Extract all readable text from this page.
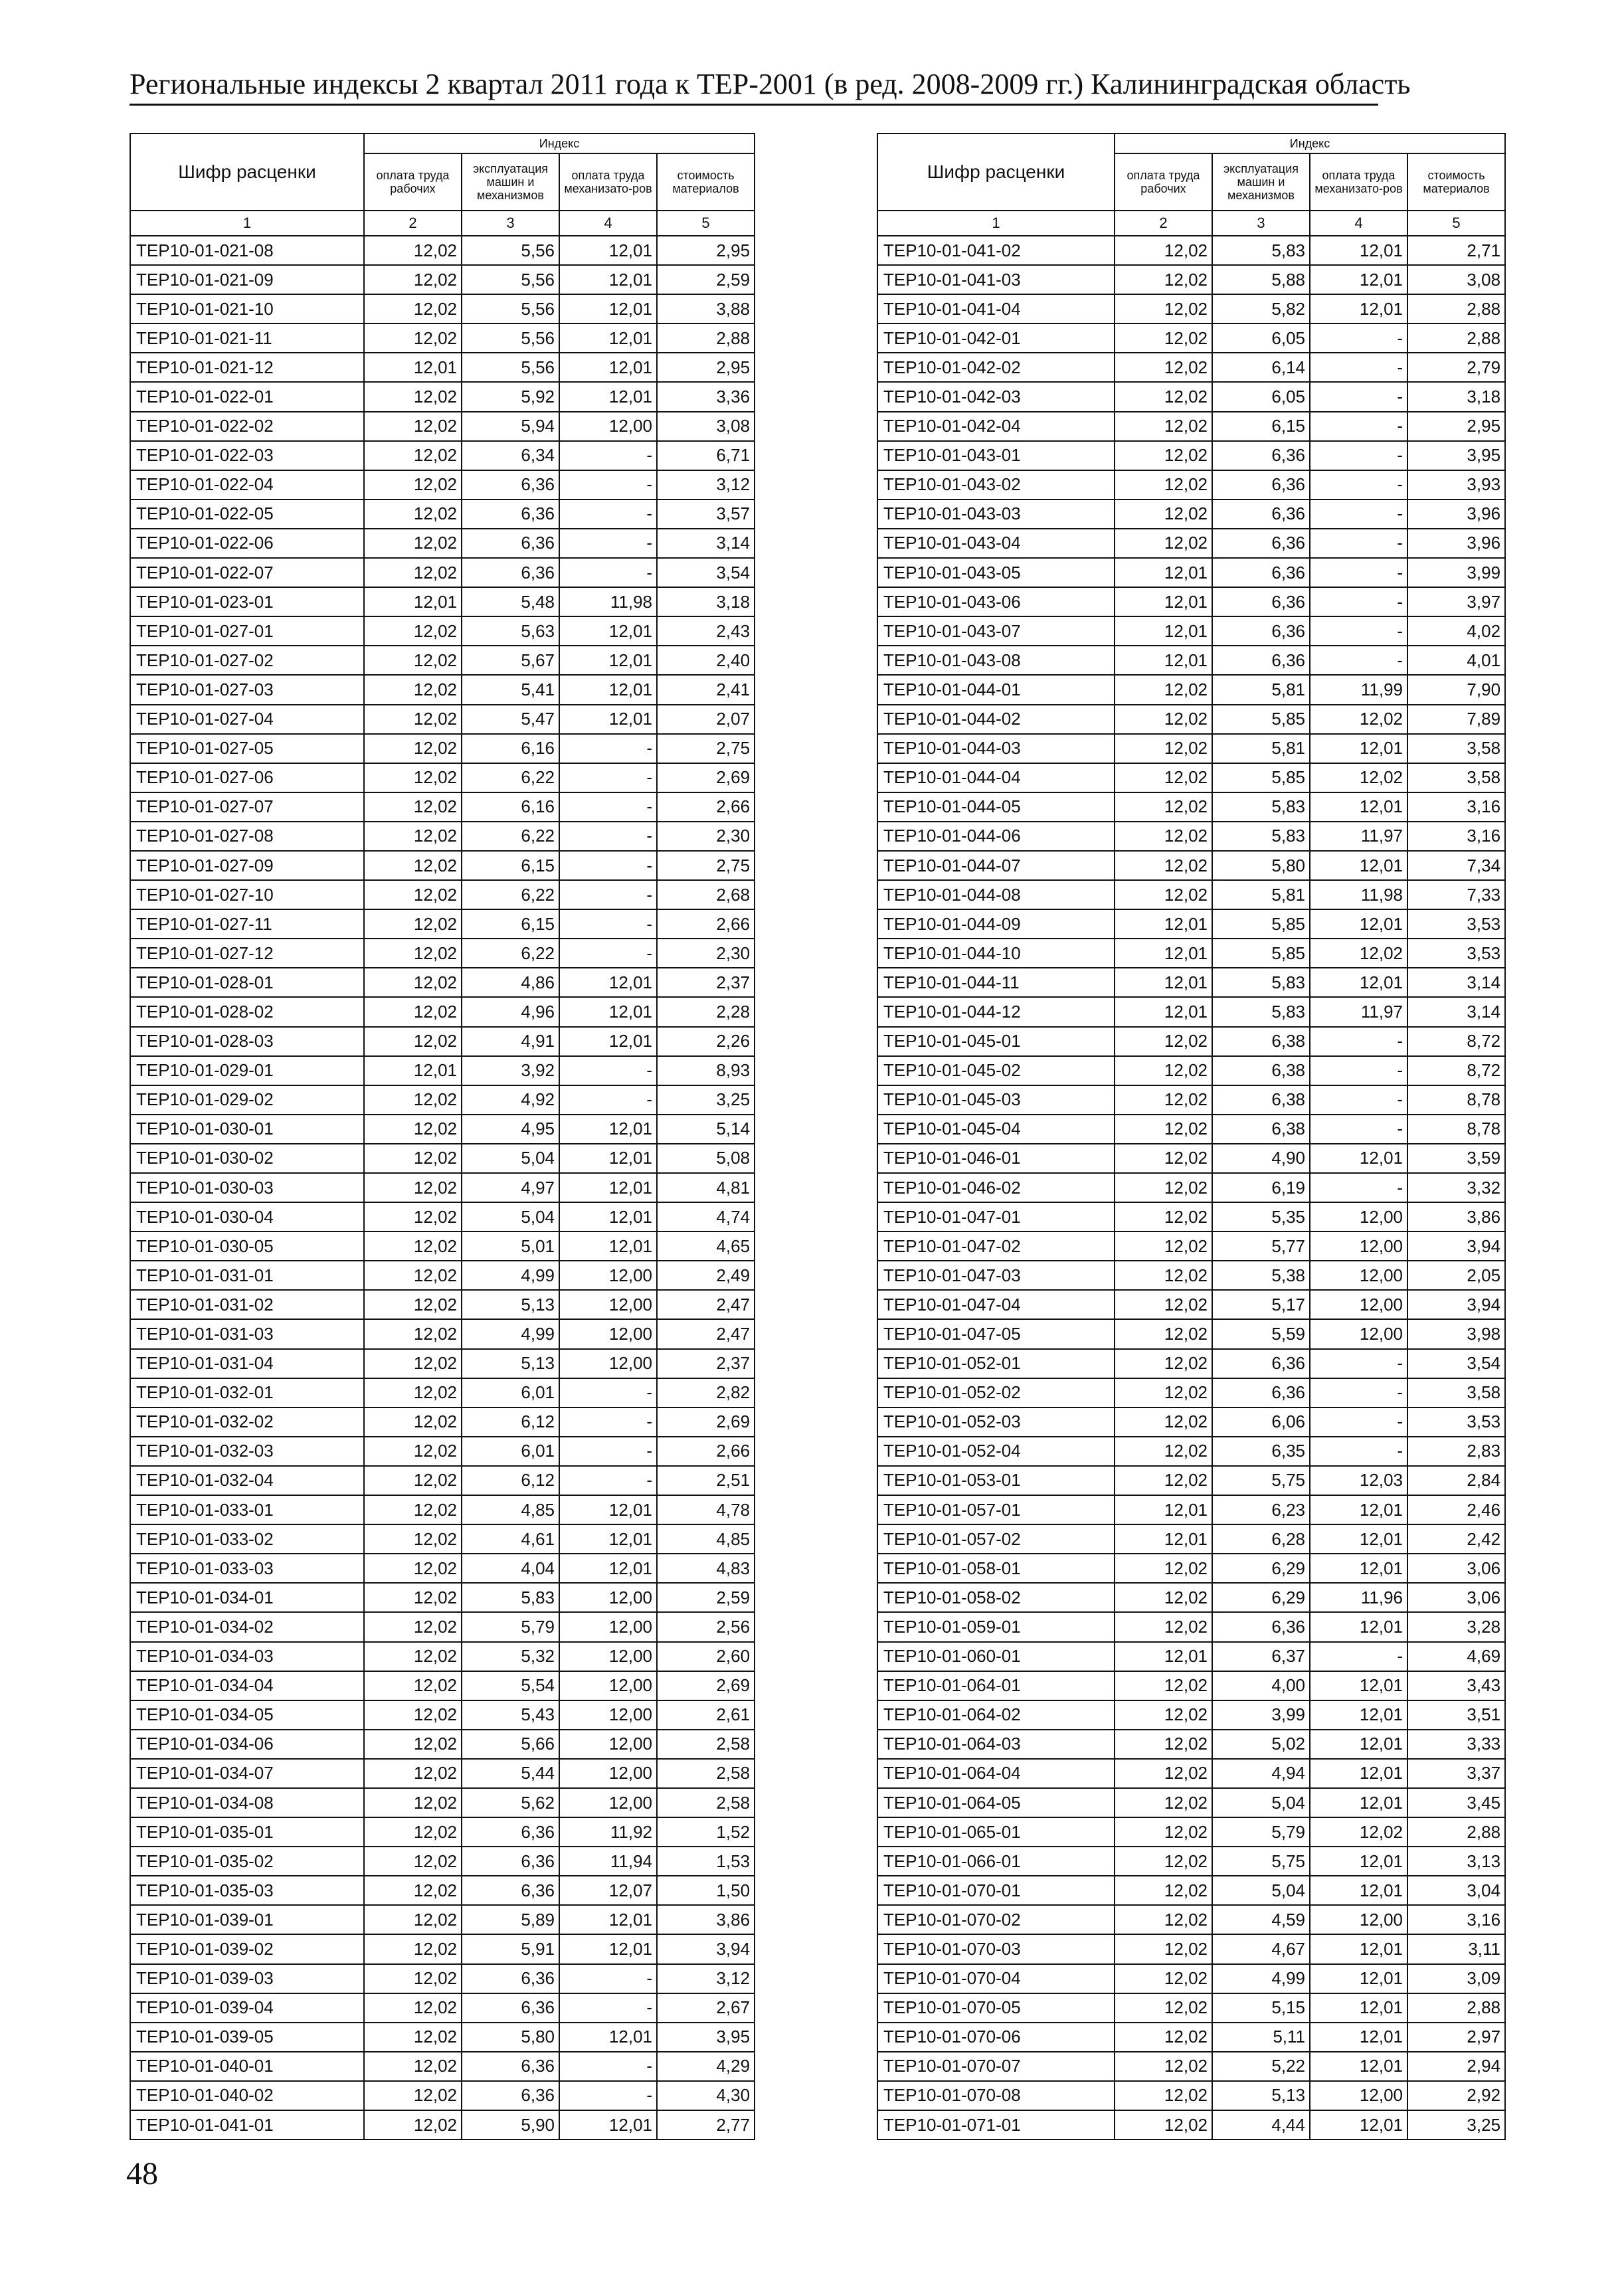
Региональные индексы 2 квартал 2011 года к ТЕР-2001 (в ред. 2008-2009 гг.) Калининградская область
Шифр расценки	Индекс			
	оплата труда рабочих	эксплуатация машин и механизмов	оплата труда механизато-ров	стоимость материалов
1	2	3	4	5
ТЕР10-01-021-08	12,02	5,56	12,01	2,95
ТЕР10-01-021-09	12,02	5,56	12,01	2,59
ТЕР10-01-021-10	12,02	5,56	12,01	3,88
ТЕР10-01-021-11	12,02	5,56	12,01	2,88
ТЕР10-01-021-12	12,01	5,56	12,01	2,95
ТЕР10-01-022-01	12,02	5,92	12,01	3,36
ТЕР10-01-022-02	12,02	5,94	12,00	3,08
ТЕР10-01-022-03	12,02	6,34	-	6,71
ТЕР10-01-022-04	12,02	6,36	-	3,12
ТЕР10-01-022-05	12,02	6,36	-	3,57
ТЕР10-01-022-06	12,02	6,36	-	3,14
ТЕР10-01-022-07	12,02	6,36	-	3,54
ТЕР10-01-023-01	12,01	5,48	11,98	3,18
ТЕР10-01-027-01	12,02	5,63	12,01	2,43
ТЕР10-01-027-02	12,02	5,67	12,01	2,40
ТЕР10-01-027-03	12,02	5,41	12,01	2,41
ТЕР10-01-027-04	12,02	5,47	12,01	2,07
ТЕР10-01-027-05	12,02	6,16	-	2,75
ТЕР10-01-027-06	12,02	6,22	-	2,69
ТЕР10-01-027-07	12,02	6,16	-	2,66
ТЕР10-01-027-08	12,02	6,22	-	2,30
ТЕР10-01-027-09	12,02	6,15	-	2,75
ТЕР10-01-027-10	12,02	6,22	-	2,68
ТЕР10-01-027-11	12,02	6,15	-	2,66
ТЕР10-01-027-12	12,02	6,22	-	2,30
ТЕР10-01-028-01	12,02	4,86	12,01	2,37
ТЕР10-01-028-02	12,02	4,96	12,01	2,28
ТЕР10-01-028-03	12,02	4,91	12,01	2,26
ТЕР10-01-029-01	12,01	3,92	-	8,93
ТЕР10-01-029-02	12,02	4,92	-	3,25
ТЕР10-01-030-01	12,02	4,95	12,01	5,14
ТЕР10-01-030-02	12,02	5,04	12,01	5,08
ТЕР10-01-030-03	12,02	4,97	12,01	4,81
ТЕР10-01-030-04	12,02	5,04	12,01	4,74
ТЕР10-01-030-05	12,02	5,01	12,01	4,65
ТЕР10-01-031-01	12,02	4,99	12,00	2,49
ТЕР10-01-031-02	12,02	5,13	12,00	2,47
ТЕР10-01-031-03	12,02	4,99	12,00	2,47
ТЕР10-01-031-04	12,02	5,13	12,00	2,37
ТЕР10-01-032-01	12,02	6,01	-	2,82
ТЕР10-01-032-02	12,02	6,12	-	2,69
ТЕР10-01-032-03	12,02	6,01	-	2,66
ТЕР10-01-032-04	12,02	6,12	-	2,51
ТЕР10-01-033-01	12,02	4,85	12,01	4,78
ТЕР10-01-033-02	12,02	4,61	12,01	4,85
ТЕР10-01-033-03	12,02	4,04	12,01	4,83
ТЕР10-01-034-01	12,02	5,83	12,00	2,59
ТЕР10-01-034-02	12,02	5,79	12,00	2,56
ТЕР10-01-034-03	12,02	5,32	12,00	2,60
ТЕР10-01-034-04	12,02	5,54	12,00	2,69
ТЕР10-01-034-05	12,02	5,43	12,00	2,61
ТЕР10-01-034-06	12,02	5,66	12,00	2,58
ТЕР10-01-034-07	12,02	5,44	12,00	2,58
ТЕР10-01-034-08	12,02	5,62	12,00	2,58
ТЕР10-01-035-01	12,02	6,36	11,92	1,52
ТЕР10-01-035-02	12,02	6,36	11,94	1,53
ТЕР10-01-035-03	12,02	6,36	12,07	1,50
ТЕР10-01-039-01	12,02	5,89	12,01	3,86
ТЕР10-01-039-02	12,02	5,91	12,01	3,94
ТЕР10-01-039-03	12,02	6,36	-	3,12
ТЕР10-01-039-04	12,02	6,36	-	2,67
ТЕР10-01-039-05	12,02	5,80	12,01	3,95
ТЕР10-01-040-01	12,02	6,36	-	4,29
ТЕР10-01-040-02	12,02	6,36	-	4,30
ТЕР10-01-041-01	12,02	5,90	12,01	2,77
Шифр расценки	Индекс			
	оплата труда рабочих	эксплуатация машин и механизмов	оплата труда механизато-ров	стоимость материалов
1	2	3	4	5
ТЕР10-01-041-02	12,02	5,83	12,01	2,71
ТЕР10-01-041-03	12,02	5,88	12,01	3,08
ТЕР10-01-041-04	12,02	5,82	12,01	2,88
ТЕР10-01-042-01	12,02	6,05	-	2,88
ТЕР10-01-042-02	12,02	6,14	-	2,79
ТЕР10-01-042-03	12,02	6,05	-	3,18
ТЕР10-01-042-04	12,02	6,15	-	2,95
ТЕР10-01-043-01	12,02	6,36	-	3,95
ТЕР10-01-043-02	12,02	6,36	-	3,93
ТЕР10-01-043-03	12,02	6,36	-	3,96
ТЕР10-01-043-04	12,02	6,36	-	3,96
ТЕР10-01-043-05	12,01	6,36	-	3,99
ТЕР10-01-043-06	12,01	6,36	-	3,97
ТЕР10-01-043-07	12,01	6,36	-	4,02
ТЕР10-01-043-08	12,01	6,36	-	4,01
ТЕР10-01-044-01	12,02	5,81	11,99	7,90
ТЕР10-01-044-02	12,02	5,85	12,02	7,89
ТЕР10-01-044-03	12,02	5,81	12,01	3,58
ТЕР10-01-044-04	12,02	5,85	12,02	3,58
ТЕР10-01-044-05	12,02	5,83	12,01	3,16
ТЕР10-01-044-06	12,02	5,83	11,97	3,16
ТЕР10-01-044-07	12,02	5,80	12,01	7,34
ТЕР10-01-044-08	12,02	5,81	11,98	7,33
ТЕР10-01-044-09	12,01	5,85	12,01	3,53
ТЕР10-01-044-10	12,01	5,85	12,02	3,53
ТЕР10-01-044-11	12,01	5,83	12,01	3,14
ТЕР10-01-044-12	12,01	5,83	11,97	3,14
ТЕР10-01-045-01	12,02	6,38	-	8,72
ТЕР10-01-045-02	12,02	6,38	-	8,72
ТЕР10-01-045-03	12,02	6,38	-	8,78
ТЕР10-01-045-04	12,02	6,38	-	8,78
ТЕР10-01-046-01	12,02	4,90	12,01	3,59
ТЕР10-01-046-02	12,02	6,19	-	3,32
ТЕР10-01-047-01	12,02	5,35	12,00	3,86
ТЕР10-01-047-02	12,02	5,77	12,00	3,94
ТЕР10-01-047-03	12,02	5,38	12,00	2,05
ТЕР10-01-047-04	12,02	5,17	12,00	3,94
ТЕР10-01-047-05	12,02	5,59	12,00	3,98
ТЕР10-01-052-01	12,02	6,36	-	3,54
ТЕР10-01-052-02	12,02	6,36	-	3,58
ТЕР10-01-052-03	12,02	6,06	-	3,53
ТЕР10-01-052-04	12,02	6,35	-	2,83
ТЕР10-01-053-01	12,02	5,75	12,03	2,84
ТЕР10-01-057-01	12,01	6,23	12,01	2,46
ТЕР10-01-057-02	12,01	6,28	12,01	2,42
ТЕР10-01-058-01	12,02	6,29	12,01	3,06
ТЕР10-01-058-02	12,02	6,29	11,96	3,06
ТЕР10-01-059-01	12,02	6,36	12,01	3,28
ТЕР10-01-060-01	12,01	6,37	-	4,69
ТЕР10-01-064-01	12,02	4,00	12,01	3,43
ТЕР10-01-064-02	12,02	3,99	12,01	3,51
ТЕР10-01-064-03	12,02	5,02	12,01	3,33
ТЕР10-01-064-04	12,02	4,94	12,01	3,37
ТЕР10-01-064-05	12,02	5,04	12,01	3,45
ТЕР10-01-065-01	12,02	5,79	12,02	2,88
ТЕР10-01-066-01	12,02	5,75	12,01	3,13
ТЕР10-01-070-01	12,02	5,04	12,01	3,04
ТЕР10-01-070-02	12,02	4,59	12,00	3,16
ТЕР10-01-070-03	12,02	4,67	12,01	3,11
ТЕР10-01-070-04	12,02	4,99	12,01	3,09
ТЕР10-01-070-05	12,02	5,15	12,01	2,88
ТЕР10-01-070-06	12,02	5,11	12,01	2,97
ТЕР10-01-070-07	12,02	5,22	12,01	2,94
ТЕР10-01-070-08	12,02	5,13	12,00	2,92
ТЕР10-01-071-01	12,02	4,44	12,01	3,25
48
